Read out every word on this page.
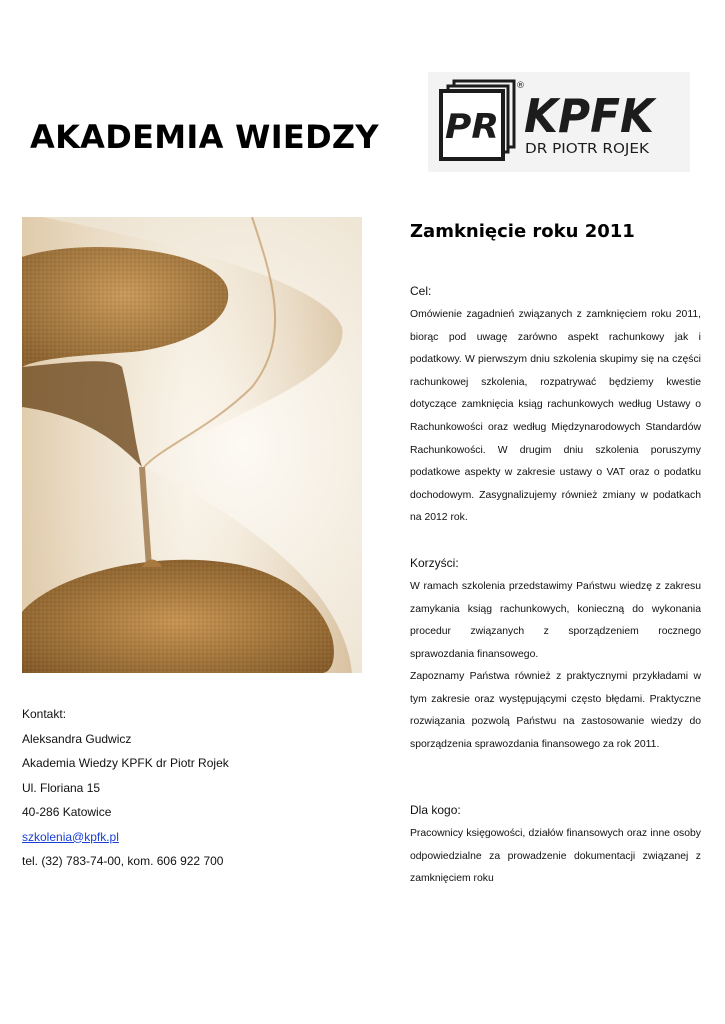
AKADEMIA WIEDZY PR KPFK
DR PIOTR ROJEK
®
Zamknięcie roku 2011
Cel:
Omówienie zagadnień związanych z zamknięciem roku 2011, biorąc pod uwagę zarówno aspekt rachunkowy jak i podatkowy. W pierwszym dniu szkolenia skupimy się na części rachunkowej szkolenia, rozpatrywać będziemy kwestie dotyczące zamknięcia ksiąg rachunkowych według Ustawy o Rachunkowości oraz według Międzynarodowych Standardów Rachunkowości. W drugim dniu szkolenia poruszymy podatkowe aspekty w zakresie ustawy o VAT oraz o podatku dochodowym. Zasygnalizujemy również zmiany w podatkach na 2012 rok.
Korzyści:
W ramach szkolenia przedstawimy Państwu wiedzę z zakresu zamykania ksiąg rachunkowych, konieczną do wykonania procedur związanych z sporządzeniem rocznego sprawozdania finansowego.
Zapoznamy Państwa również z praktycznymi przykładami w tym zakresie oraz występującymi często błędami. Praktyczne rozwiązania pozwolą Państwu na zastosowanie wiedzy do sporządzenia sprawozdania finansowego za rok 2011.
Dla kogo:
Pracownicy księgowości, działów finansowych oraz inne osoby odpowiedzialne za prowadzenie dokumentacji związanej z zamknięciem roku
Kontakt:
Aleksandra Gudwicz
Akademia Wiedzy KPFK dr Piotr Rojek
Ul. Floriana 15
40-286 Katowice
szkolenia@kpfk.pl
tel. (32) 783-74-00, kom. 606 922 700
